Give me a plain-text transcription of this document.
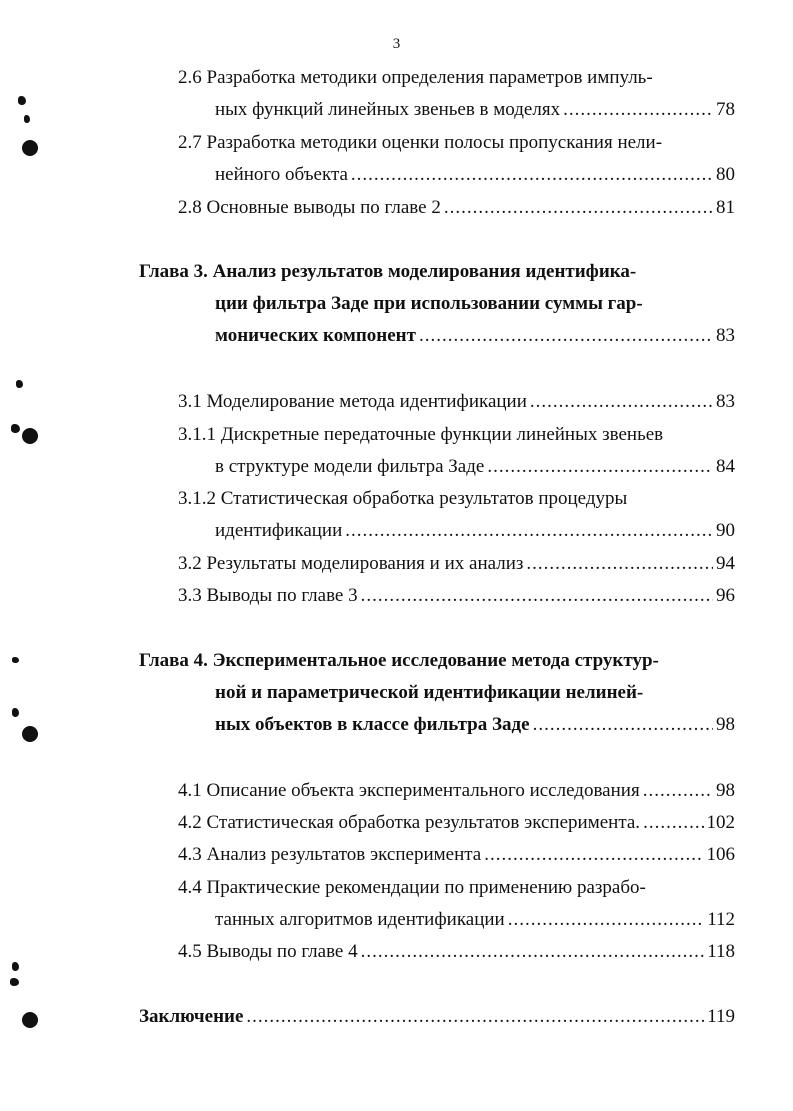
3
2.6 Разработка методики определения параметров импуль-
ных функций линейных звеньев в моделях .....	78
2.7 Разработка методики оценки полосы пропускания нели-
нейного объекта .....	80
2.8 Основные выводы по главе 2 .....	81
Глава 3. Анализ результатов моделирования идентифика-
ции фильтра Заде при использовании суммы гар-
монических компонент .....	83
3.1 Моделирование метода идентификации .....	83
3.1.1 Дискретные передаточные функции линейных звеньев
в структуре модели фильтра Заде .....	84
3.1.2 Статистическая обработка результатов процедуры
идентификации .....	90
3.2 Результаты моделирования и их анализ .....	94
3.3 Выводы по главе 3 .....	96
Глава 4. Экспериментальное исследование метода структур-
ной и параметрической идентификации нелиней-
ных объектов в классе фильтра Заде .....	98
4.1 Описание объекта экспериментального исследования .....	98
4.2 Статистическая обработка результатов эксперимента. .....	102
4.3 Анализ результатов эксперимента .....	106
4.4 Практические рекомендации по применению разрабо-
танных алгоритмов идентификации .....	112
4.5 Выводы по главе 4 .....	118
Заключение .....	119
